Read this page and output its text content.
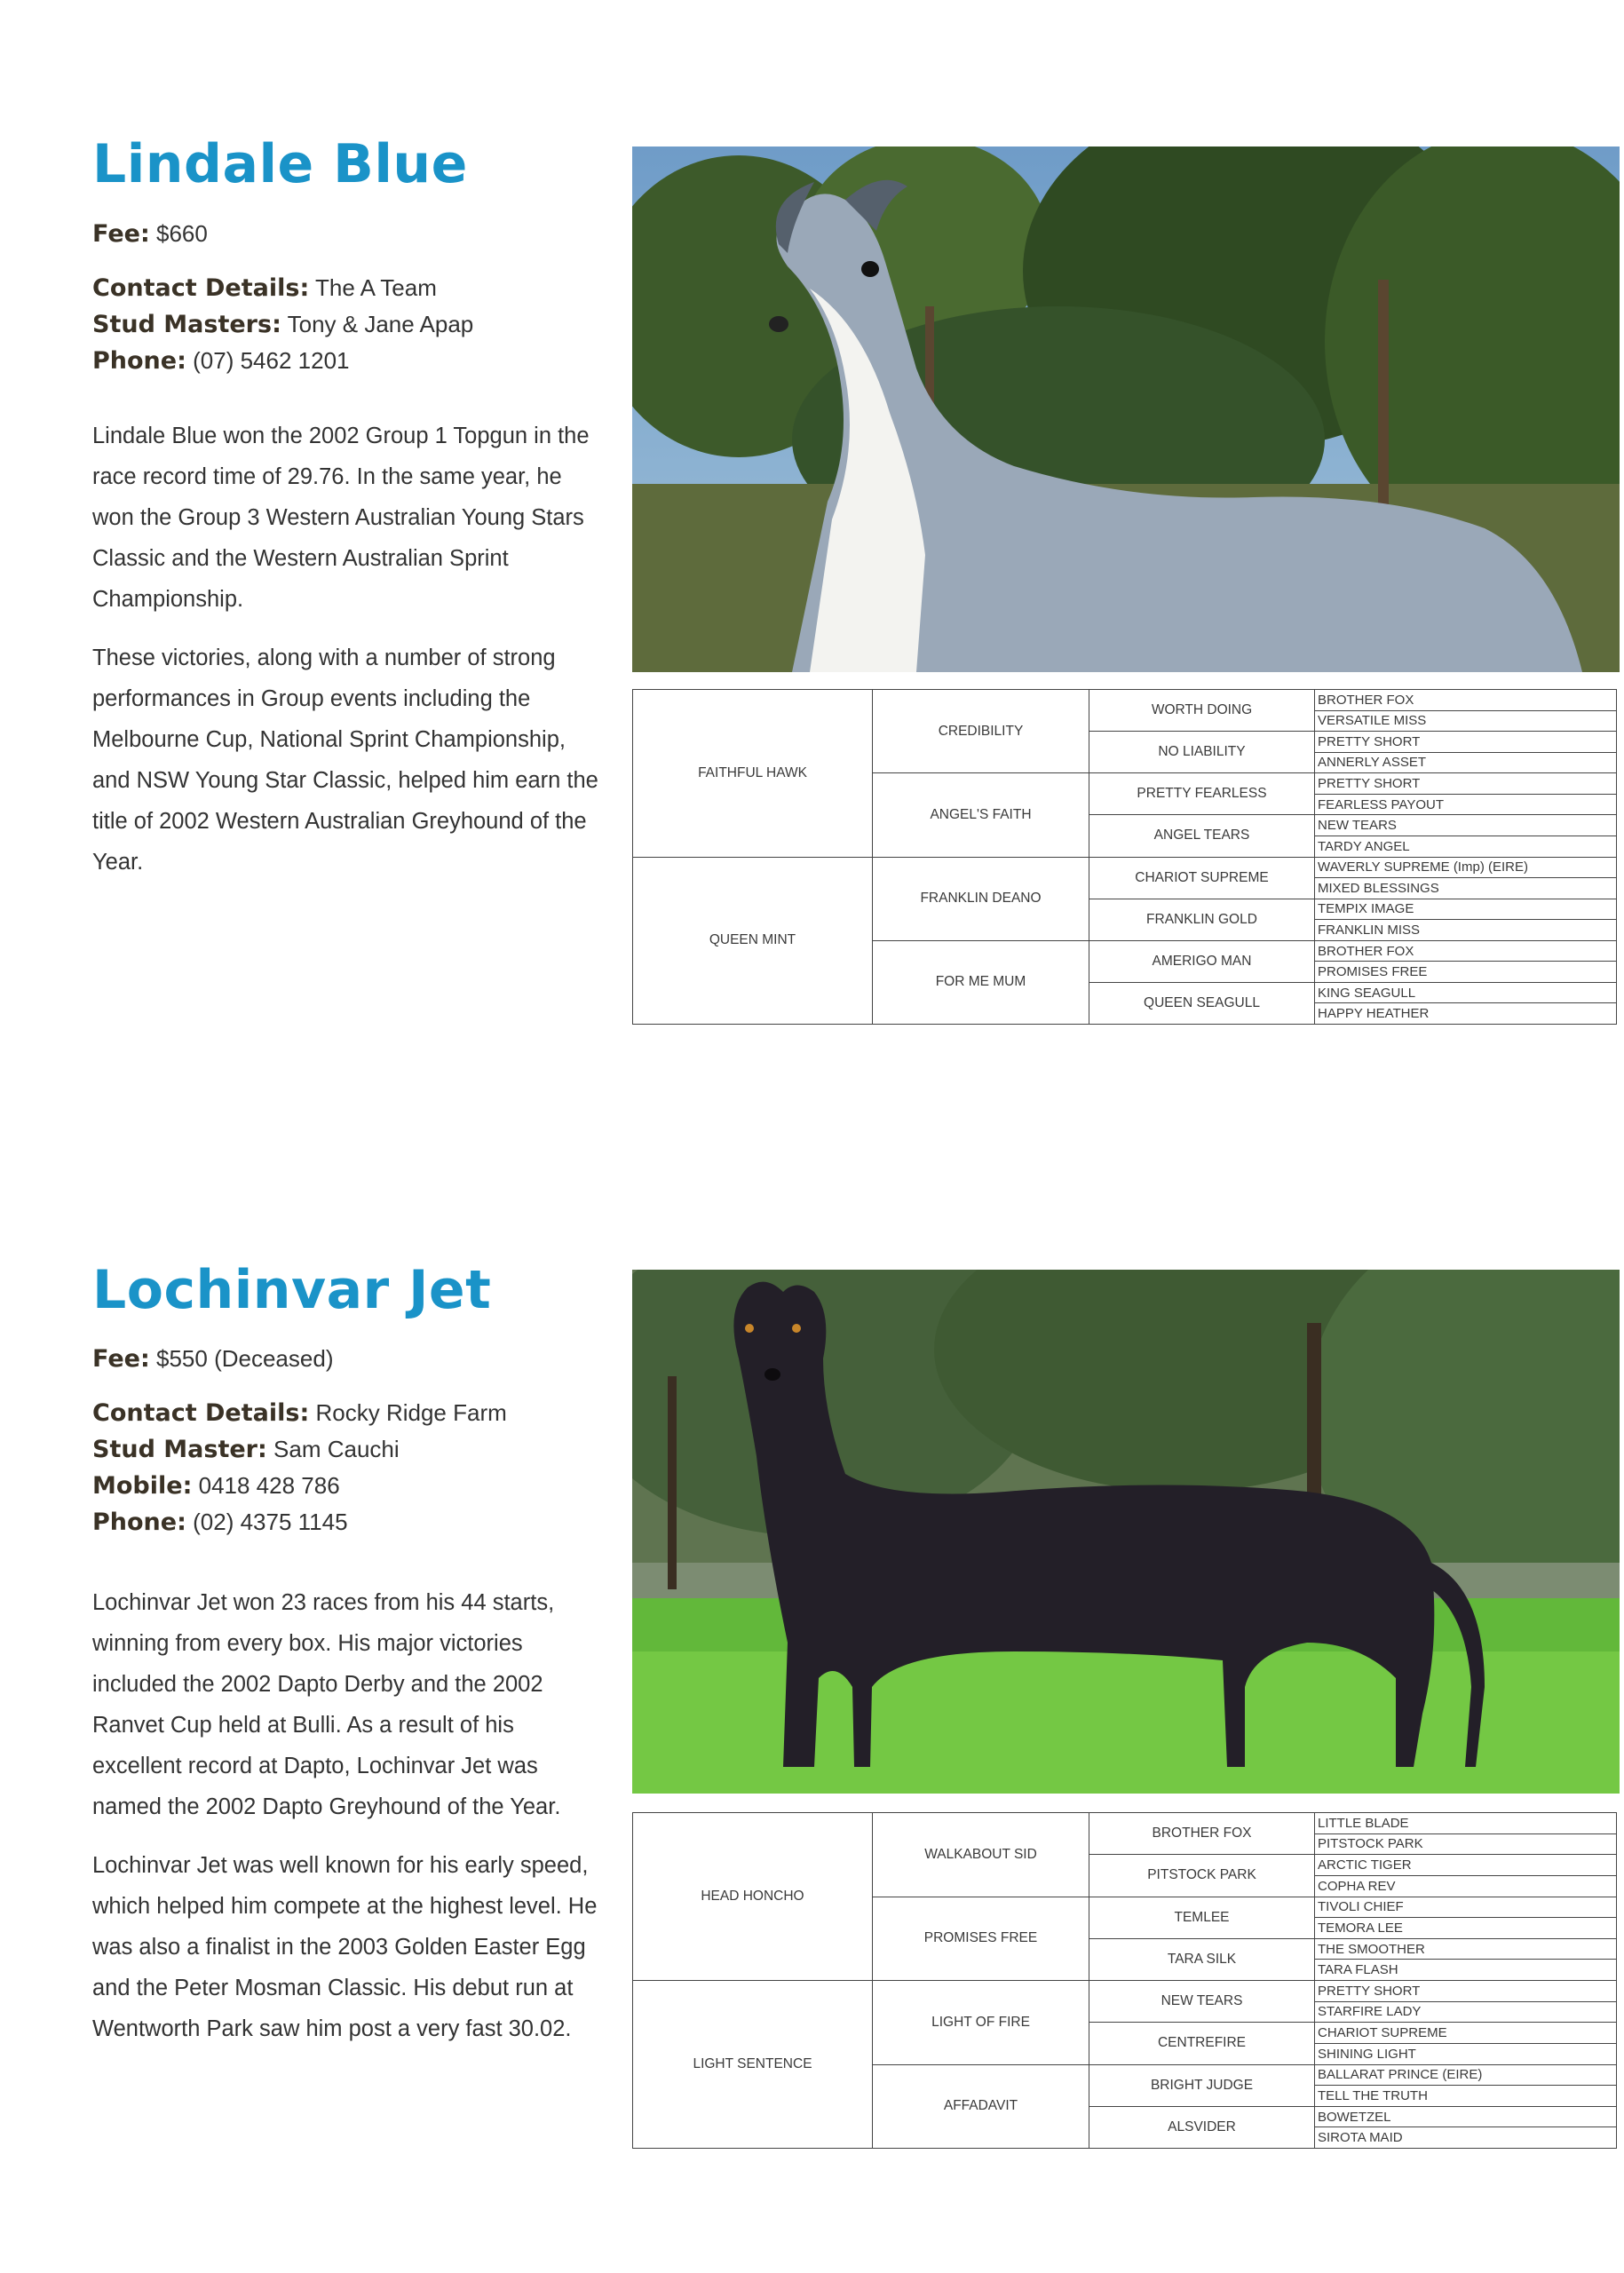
Lindale Blue

Fee: $660

Contact Details: The A Team

Stud Masters: Tony & Jane Apap

Phone: (07) 5462 1201

Lindale Blue won the 2002 Group 1 Topgun in the race record time of 29.76. In the same year, he won the Group 3 Western Australian Young Stars Classic and the Western Australian Sprint Championship.

These victories, along with a number of strong performances in Group events including the Melbourne Cup, National Sprint Championship, and NSW Young Star Classic, helped him earn the title of 2002 Western Australian Greyhound of the Year.

FAITHFUL HAWK	CREDIBILITY	WORTH DOING	BROTHER FOX
			VERSATILE MISS
		NO LIABILITY	PRETTY SHORT
			ANNERLY ASSET
	ANGEL'S FAITH	PRETTY FEARLESS	PRETTY SHORT
			FEARLESS PAYOUT
		ANGEL TEARS	NEW TEARS
			TARDY ANGEL
QUEEN MINT	FRANKLIN DEANO	CHARIOT SUPREME	WAVERLY SUPREME (Imp) (EIRE)
			MIXED BLESSINGS
		FRANKLIN GOLD	TEMPIX IMAGE
			FRANKLIN MISS
	FOR ME MUM	AMERIGO MAN	BROTHER FOX
			PROMISES FREE
		QUEEN SEAGULL	KING SEAGULL
			HAPPY HEATHER
Lochinvar Jet

Fee: $550 (Deceased)

Contact Details: Rocky Ridge Farm

Stud Master: Sam Cauchi

Mobile: 0418 428 786

Phone: (02) 4375 1145

Lochinvar Jet won 23 races from his 44 starts, winning from every box. His major victories included the 2002 Dapto Derby and the 2002 Ranvet Cup held at Bulli. As a result of his excellent record at Dapto, Lochinvar Jet was named the 2002 Dapto Greyhound of the Year.

Lochinvar Jet was well known for his early speed, which helped him compete at the highest level. He was also a finalist in the 2003 Golden Easter Egg and the Peter Mosman Classic. His debut run at Wentworth Park saw him post a very fast 30.02.

HEAD HONCHO	WALKABOUT SID	BROTHER FOX	LITTLE BLADE
			PITSTOCK PARK
		PITSTOCK PARK	ARCTIC TIGER
			COPHA REV
	PROMISES FREE	TEMLEE	TIVOLI CHIEF
			TEMORA LEE
		TARA SILK	THE SMOOTHER
			TARA FLASH
LIGHT SENTENCE	LIGHT OF FIRE	NEW TEARS	PRETTY SHORT
			STARFIRE LADY
		CENTREFIRE	CHARIOT SUPREME
			SHINING LIGHT
	AFFADAVIT	BRIGHT JUDGE	BALLARAT PRINCE (EIRE)
			TELL THE TRUTH
		ALSVIDER	BOWETZEL
			SIROTA MAID
